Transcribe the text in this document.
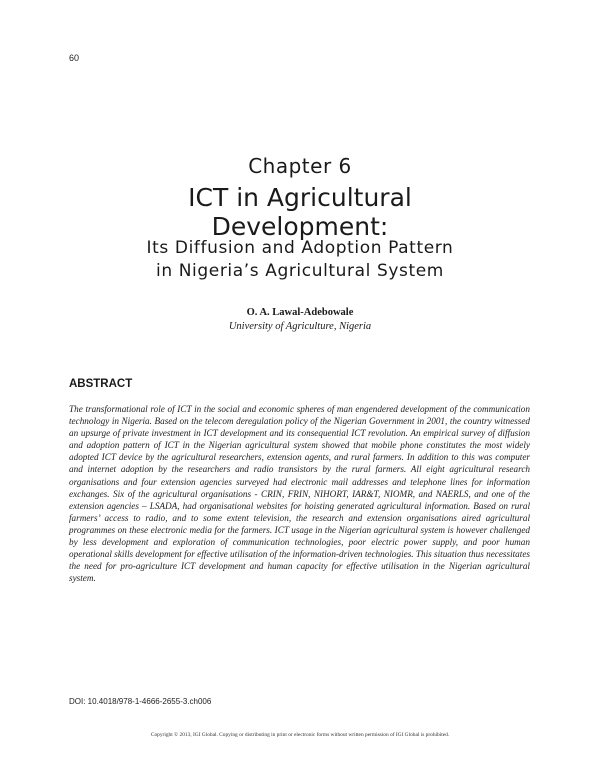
60
Chapter 6
ICT in Agricultural
Development:
Its Diffusion and Adoption Pattern
in Nigeria’s Agricultural System
O. A. Lawal-Adebowale
University of Agriculture, Nigeria
ABSTRACT
The transformational role of ICT in the social and economic spheres of man engendered development of the communication technology in Nigeria. Based on the telecom deregulation policy of the Nigerian Government in 2001, the country witnessed an upsurge of private investment in ICT development and its consequential ICT revolution. An empirical survey of diffusion and adoption pattern of ICT in the Nigerian agricultural system showed that mobile phone constitutes the most widely adopted ICT device by the agricultural researchers, extension agents, and rural farmers. In addition to this was computer and internet adoption by the researchers and radio transistors by the rural farmers. All eight agricultural research organisations and four extension agencies surveyed had electronic mail addresses and telephone lines for information exchanges. Six of the agricultural organisations - CRIN, FRIN, NIHORT, IAR&T, NIOMR, and NAERLS, and one of the extension agencies – LSADA, had organisational websites for hoisting generated agricultural information. Based on rural farmers’ access to radio, and to some extent television, the research and extension organisations aired agricultural programmes on these electronic media for the farmers. ICT usage in the Nigerian agricultural system is however challenged by less development and exploration of communication technologies, poor electric power supply, and poor human operational skills development for effective utilisation of the information-driven technologies. This situation thus necessitates the need for pro-agriculture ICT development and human capacity for effective utilisation in the Nigerian agricultural system.
DOI: 10.4018/978-1-4666-2655-3.ch006
Copyright © 2013, IGI Global. Copying or distributing in print or electronic forms without written permission of IGI Global is prohibited.
